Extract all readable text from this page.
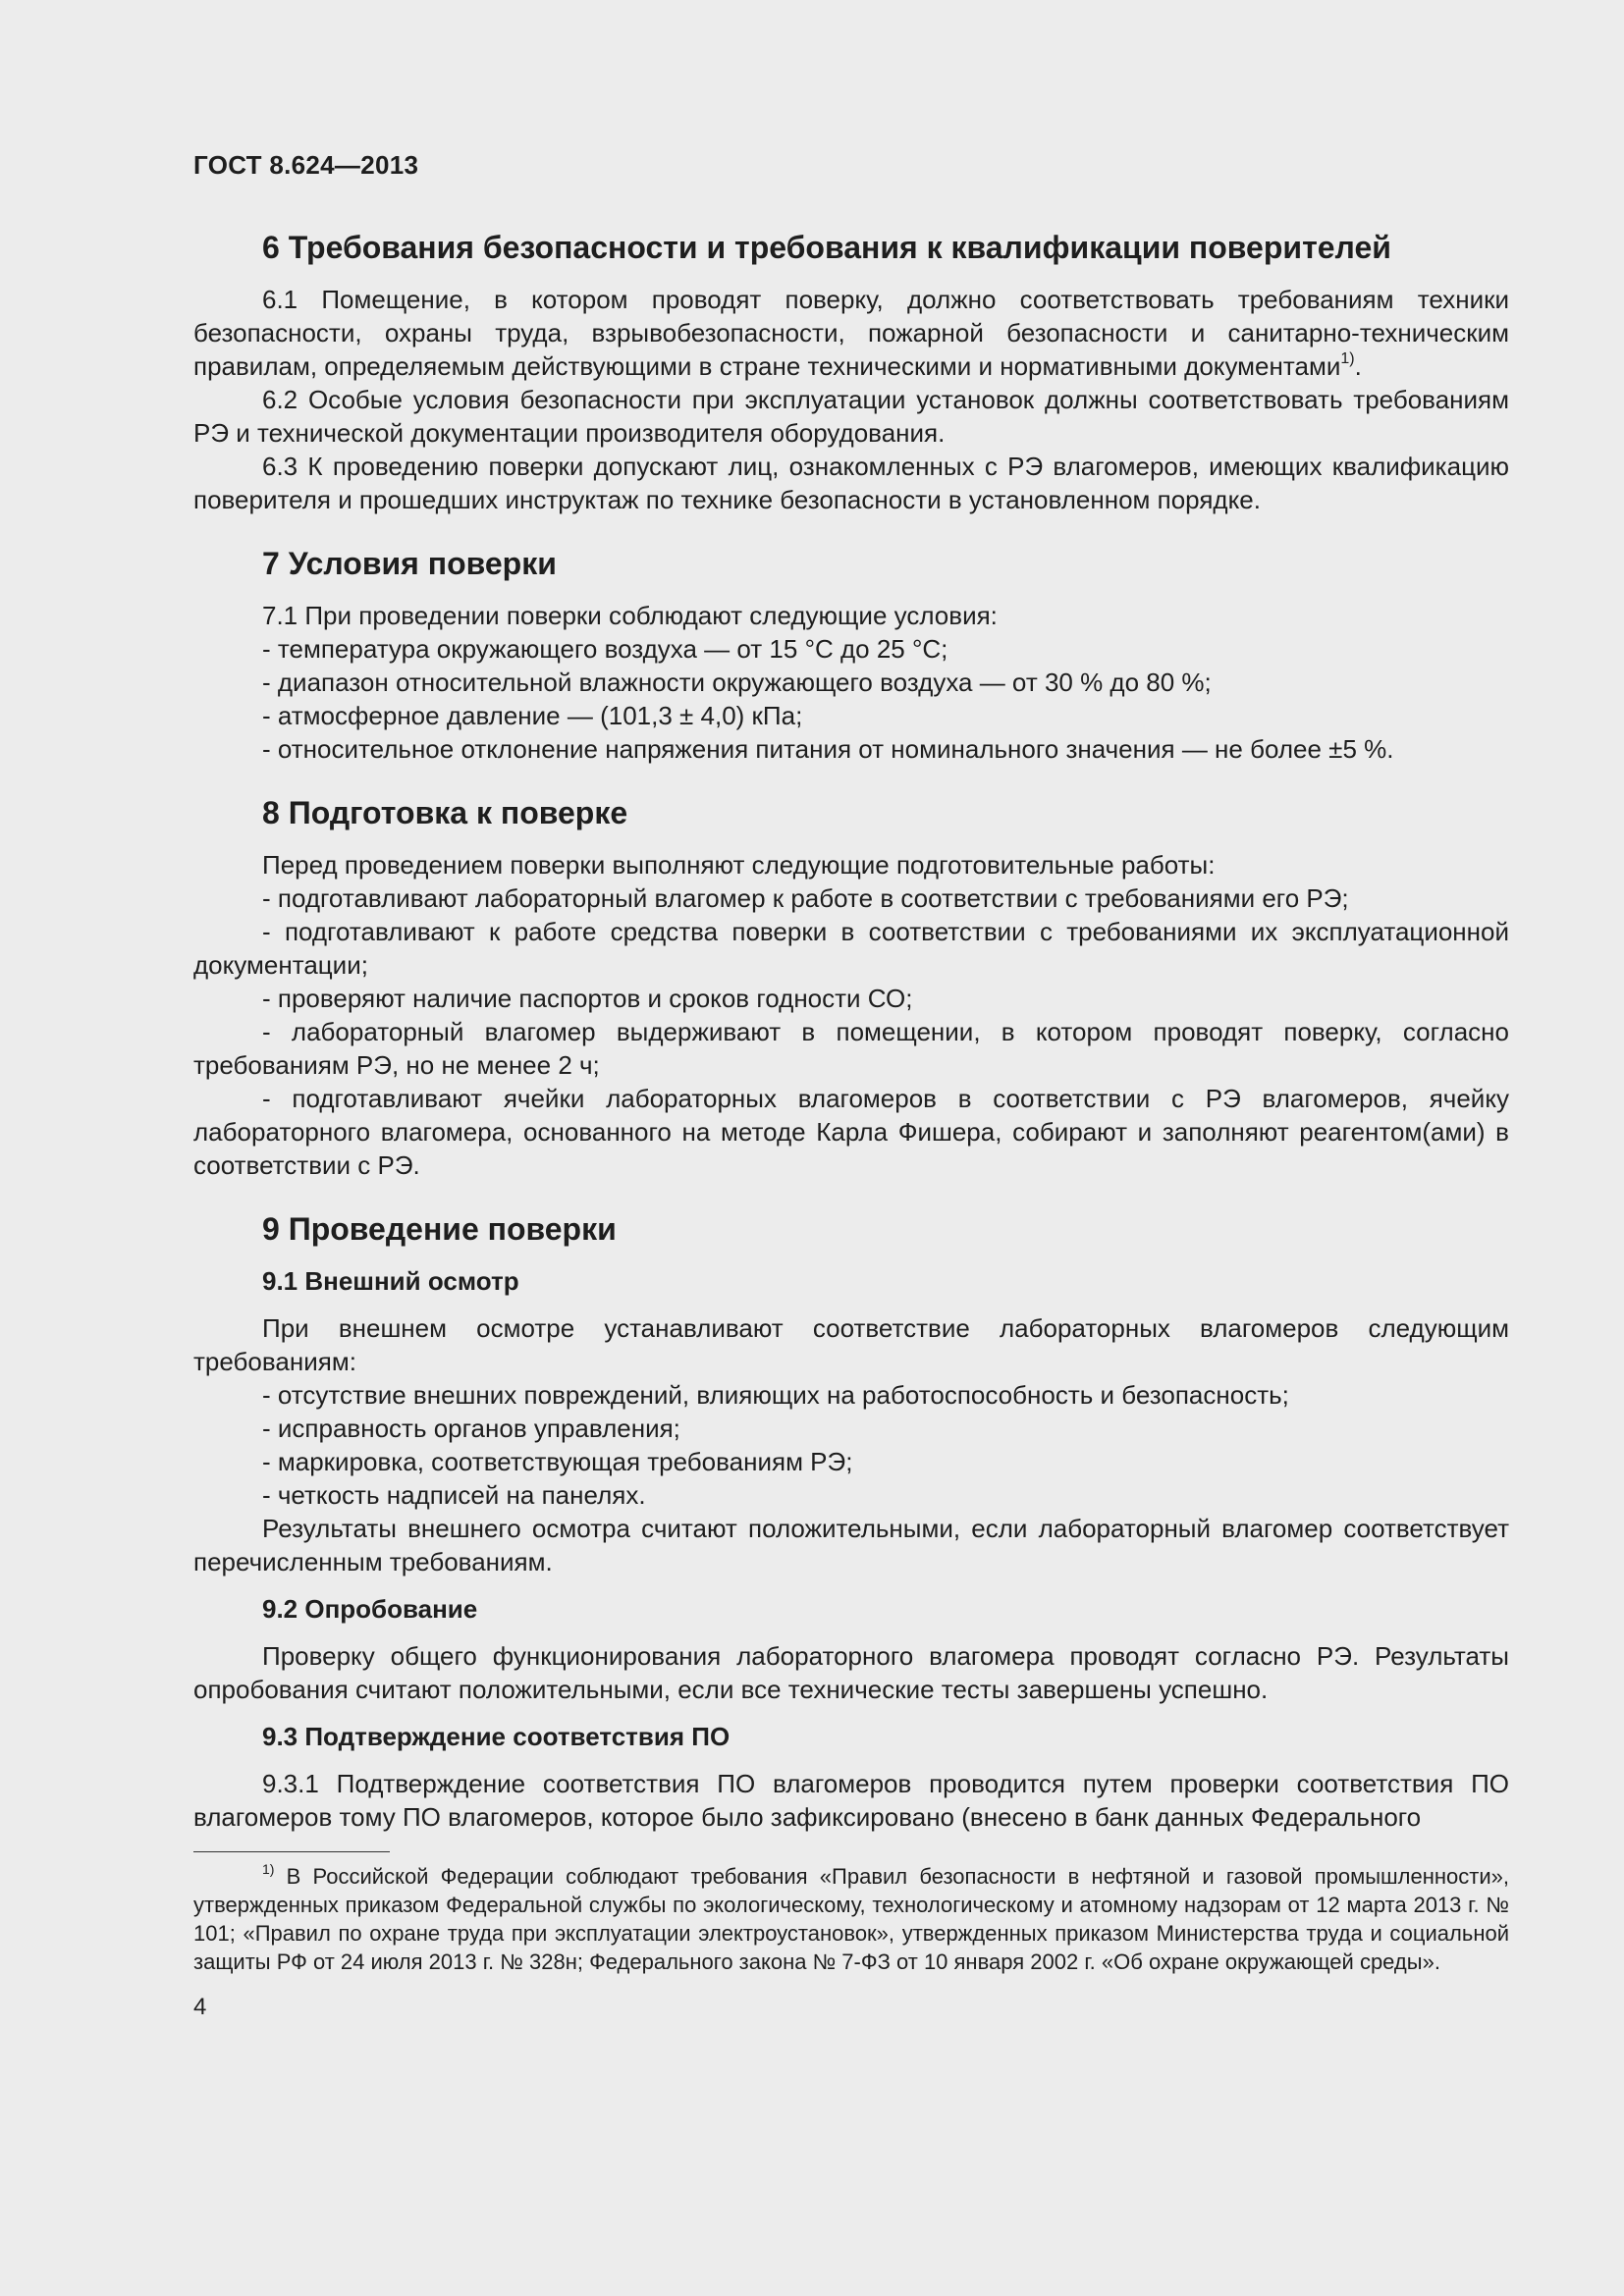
ГОСТ 8.624—2013
6 Требования безопасности и требования к квалификации поверителей

6.1 Помещение, в котором проводят поверку, должно соответствовать требованиям техники безопасности, охраны труда, взрывобезопасности, пожарной безопасности и санитарно-техническим правилам, определяемым действующими в стране техническими и нормативными документами$^{1)}$.

6.2 Особые условия безопасности при эксплуатации установок должны соответствовать требованиям РЭ и технической документации производителя оборудования.

6.3 К проведению поверки допускают лиц, ознакомленных с РЭ влагомеров, имеющих квалификацию поверителя и прошедших инструктаж по технике безопасности в установленном порядке.

7 Условия поверки

7.1 При проведении поверки соблюдают следующие условия:

- температура окружающего воздуха — от 15 °С до 25 °С;

- диапазон относительной влажности окружающего воздуха — от 30 % до 80 %;

- атмосферное давление — (101,3 ± 4,0) кПа;

- относительное отклонение напряжения питания от номинального значения — не более ±5 %.

8 Подготовка к поверке

Перед проведением поверки выполняют следующие подготовительные работы:

- подготавливают лабораторный влагомер к работе в соответствии с требованиями его РЭ;

- подготавливают к работе средства поверки в соответствии с требованиями их эксплуатационной документации;

- проверяют наличие паспортов и сроков годности СО;

- лабораторный влагомер выдерживают в помещении, в котором проводят поверку, согласно требованиям РЭ, но не менее 2 ч;

- подготавливают ячейки лабораторных влагомеров в соответствии с РЭ влагомеров, ячейку лабораторного влагомера, основанного на методе Карла Фишера, собирают и заполняют реагентом(ами) в соответствии с РЭ.

9 Проведение поверки
9.1 Внешний осмотр

При внешнем осмотре устанавливают соответствие лабораторных влагомеров следующим требованиям:

- отсутствие внешних повреждений, влияющих на работоспособность и безопасность;

- исправность органов управления;

- маркировка, соответствующая требованиям РЭ;

- четкость надписей на панелях.

Результаты внешнего осмотра считают положительными, если лабораторный влагомер соответствует перечисленным требованиям.

9.2 Опробование

Проверку общего функционирования лабораторного влагомера проводят согласно РЭ. Результаты опробования считают положительными, если все технические тесты завершены успешно.

9.3 Подтверждение соответствия ПО

9.3.1 Подтверждение соответствия ПО влагомеров проводится путем проверки соответствия ПО влагомеров тому ПО влагомеров, которое было зафиксировано (внесено в банк данных Федерального

$^{1)}$ В Российской Федерации соблюдают требования «Правил безопасности в нефтяной и газовой промышленности», утвержденных приказом Федеральной службы по экологическому, технологическому и атомному надзорам от 12 марта 2013 г. № 101; «Правил по охране труда при эксплуатации электроустановок», утвержденных приказом Министерства труда и социальной защиты РФ от 24 июля 2013 г. № 328н; Федерального закона № 7-ФЗ от 10 января 2002 г. «Об охране окружающей среды».

4
